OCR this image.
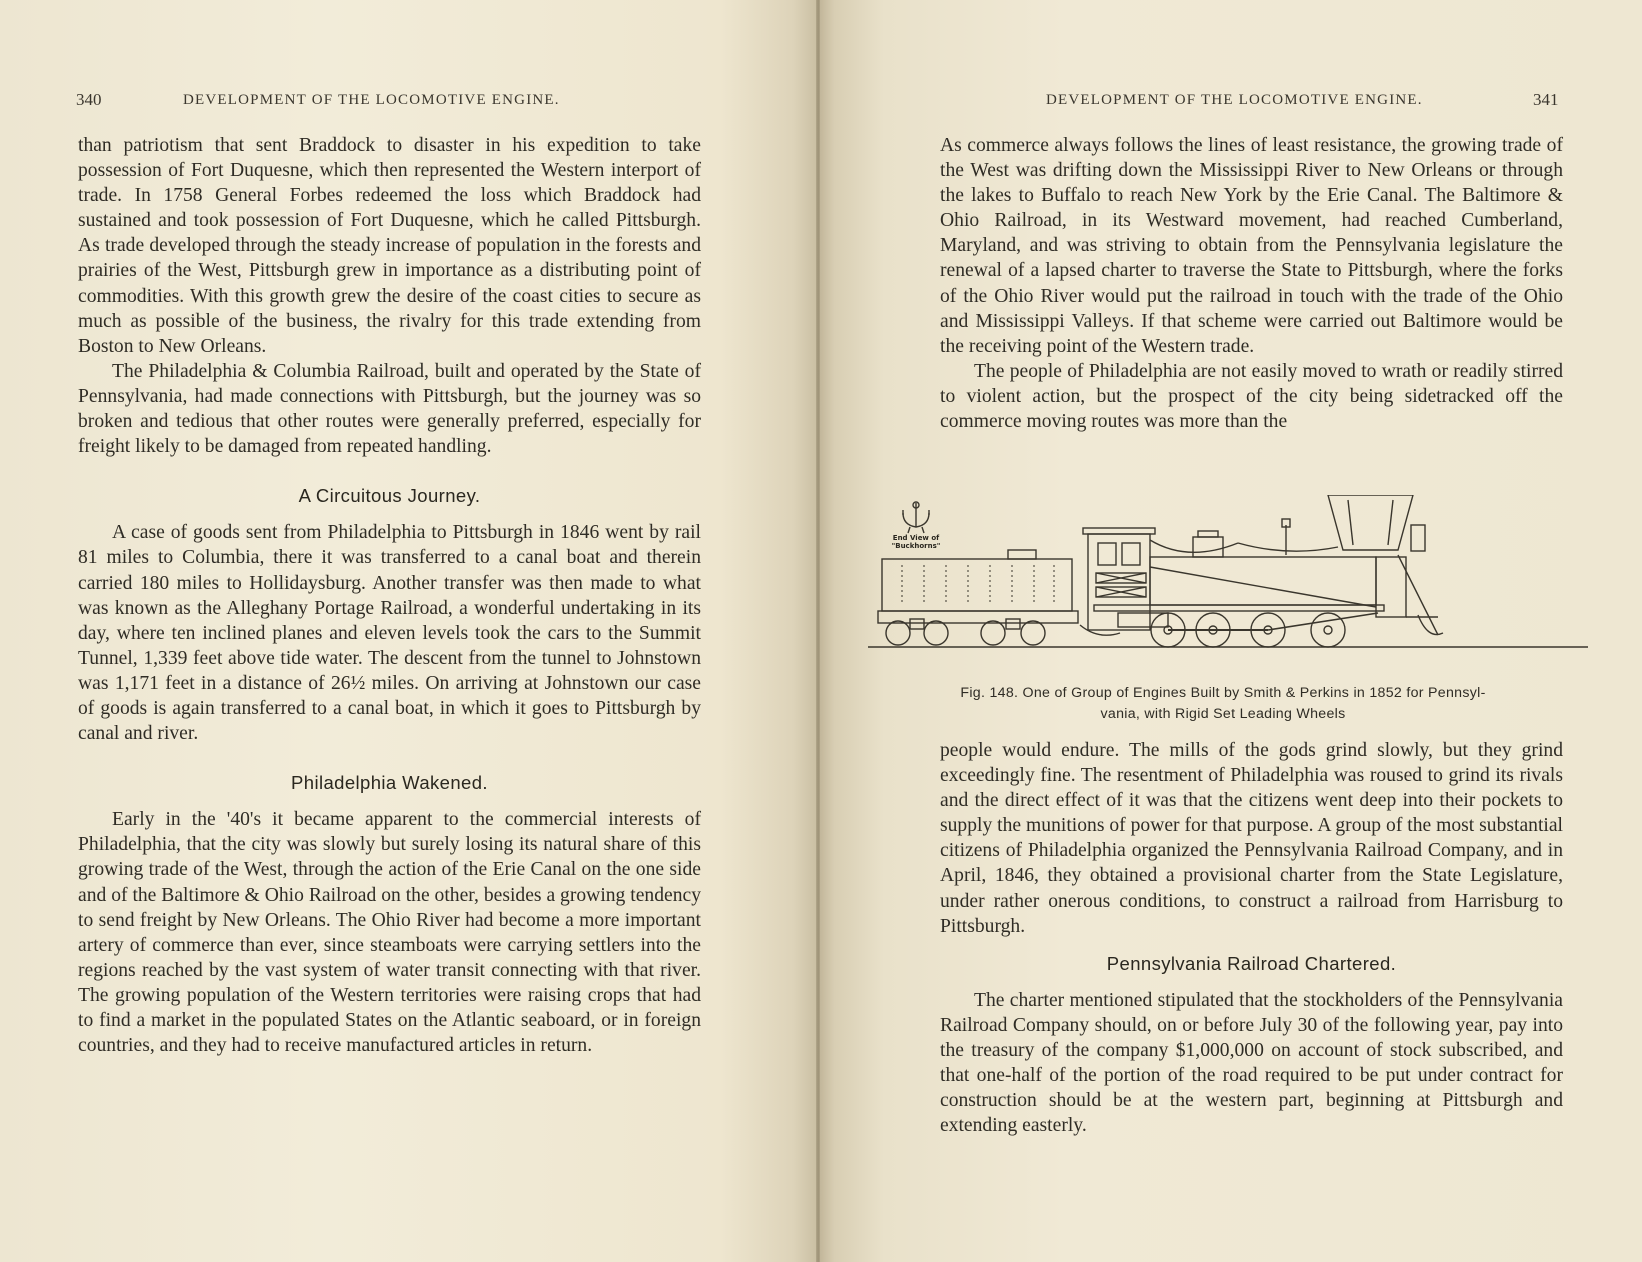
340	DEVELOPMENT OF THE LOCOMOTIVE ENGINE.

than patriotism that sent Braddock to disaster in his expedition to take possession of Fort Duquesne, which then represented the Western interport of trade. In 1758 General Forbes redeemed the loss which Braddock had sustained and took possession of Fort Duquesne, which he called Pittsburgh. As trade developed through the steady increase of population in the forests and prairies of the West, Pittsburgh grew in importance as a distributing point of commodities. With this growth grew the desire of the coast cities to secure as much as possible of the business, the rivalry for this trade extending from Boston to New Orleans.

The Philadelphia & Columbia Railroad, built and operated by the State of Pennsylvania, had made connections with Pittsburgh, but the journey was so broken and tedious that other routes were generally preferred, especially for freight likely to be damaged from repeated handling.

A Circuitous Journey.

A case of goods sent from Philadelphia to Pittsburgh in 1846 went by rail 81 miles to Columbia, there it was transferred to a canal boat and therein carried 180 miles to Hollidaysburg. Another transfer was then made to what was known as the Alleghany Portage Railroad, a wonderful undertaking in its day, where ten inclined planes and eleven levels took the cars to the Summit Tunnel, 1,339 feet above tide water. The descent from the tunnel to Johnstown was 1,171 feet in a distance of 26½ miles. On arriving at Johnstown our case of goods is again transferred to a canal boat, in which it goes to Pittsburgh by canal and river.

Philadelphia Wakened.

Early in the '40's it became apparent to the commercial interests of Philadelphia, that the city was slowly but surely losing its natural share of this growing trade of the West, through the action of the Erie Canal on the one side and of the Baltimore & Ohio Railroad on the other, besides a growing tendency to send freight by New Orleans. The Ohio River had become a more important artery of commerce than ever, since steamboats were carrying settlers into the regions reached by the vast system of water transit connecting with that river. The growing population of the Western territories were raising crops that had to find a market in the populated States on the Atlantic seaboard, or in foreign countries, and they had to receive manufactured articles in return.

DEVELOPMENT OF THE LOCOMOTIVE ENGINE.	341

As commerce always follows the lines of least resistance, the growing trade of the West was drifting down the Mississippi River to New Orleans or through the lakes to Buffalo to reach New York by the Erie Canal. The Baltimore & Ohio Railroad, in its Westward movement, had reached Cumberland, Maryland, and was striving to obtain from the Pennsylvania legislature the renewal of a lapsed charter to traverse the State to Pittsburgh, where the forks of the Ohio River would put the railroad in touch with the trade of the Ohio and Mississippi Valleys. If that scheme were carried out Baltimore would be the receiving point of the Western trade.

The people of Philadelphia are not easily moved to wrath or readily stirred to violent action, but the prospect of the city being sidetracked off the commerce moving routes was more than the

End View of
"Buckhorns"
Fig. 148. One of Group of Engines Built by Smith & Perkins in 1852 for Pennsyl-
vania, with Rigid Set Leading Wheels

people would endure. The mills of the gods grind slowly, but they grind exceedingly fine. The resentment of Philadelphia was roused to grind its rivals and the direct effect of it was that the citizens went deep into their pockets to supply the munitions of power for that purpose. A group of the most substantial citizens of Philadelphia organized the Pennsylvania Railroad Company, and in April, 1846, they obtained a provisional charter from the State Legislature, under rather onerous conditions, to construct a railroad from Harrisburg to Pittsburgh.

Pennsylvania Railroad Chartered.

The charter mentioned stipulated that the stockholders of the Pennsylvania Railroad Company should, on or before July 30 of the following year, pay into the treasury of the company $1,000,000 on account of stock subscribed, and that one-half of the portion of the road required to be put under contract for construction should be at the western part, beginning at Pittsburgh and extending easterly.
